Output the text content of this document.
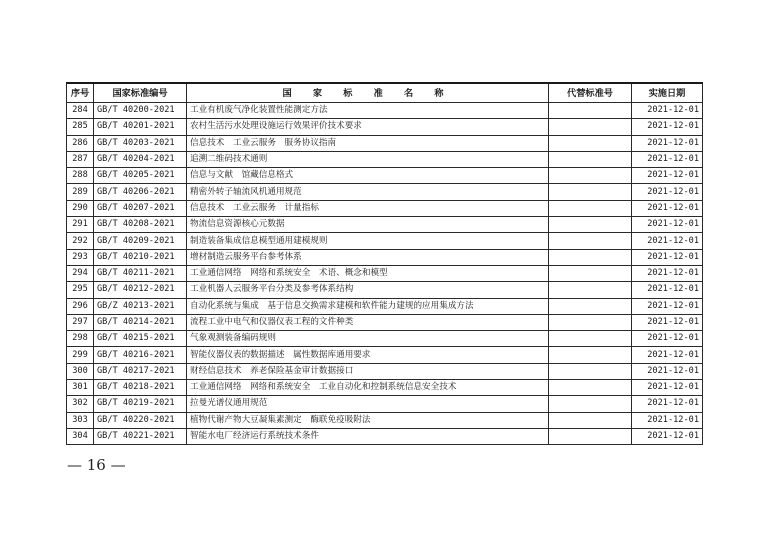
序号	国家标准编号	国 家 标 准 名 称	代替标准号	实施日期
284	GB/T 40200-2021	工业有机废气净化装置性能测定方法		2021-12-01
285	GB/T 40201-2021	农村生活污水处理设施运行效果评价技术要求		2021-12-01
286	GB/T 40203-2021	信息技术　工业云服务　服务协议指南		2021-12-01
287	GB/T 40204-2021	追溯二维码技术通则		2021-12-01
288	GB/T 40205-2021	信息与文献　馆藏信息格式		2021-12-01
289	GB/T 40206-2021	精密外转子轴流风机通用规范		2021-12-01
290	GB/T 40207-2021	信息技术　工业云服务　计量指标		2021-12-01
291	GB/T 40208-2021	物流信息资源核心元数据		2021-12-01
292	GB/T 40209-2021	制造装备集成信息模型通用建模规则		2021-12-01
293	GB/T 40210-2021	增材制造云服务平台参考体系		2021-12-01
294	GB/T 40211-2021	工业通信网络　网络和系统安全　术语、概念和模型		2021-12-01
295	GB/T 40212-2021	工业机器人云服务平台分类及参考体系结构		2021-12-01
296	GB/Z 40213-2021	自动化系统与集成　基于信息交换需求建模和软件能力建规的应用集成方法		2021-12-01
297	GB/T 40214-2021	流程工业中电气和仪器仪表工程的文件种类		2021-12-01
298	GB/T 40215-2021	气象观测装备编码规则		2021-12-01
299	GB/T 40216-2021	智能仪器仪表的数据描述　属性数据库通用要求		2021-12-01
300	GB/T 40217-2021	财经信息技术　养老保险基金审计数据接口		2021-12-01
301	GB/T 40218-2021	工业通信网络　网络和系统安全　工业自动化和控制系统信息安全技术		2021-12-01
302	GB/T 40219-2021	拉曼光谱仪通用规范		2021-12-01
303	GB/T 40220-2021	植物代谢产物大豆凝集素测定　酶联免疫吸附法		2021-12-01
304	GB/T 40221-2021	智能水电厂经济运行系统技术条件		2021-12-01
— 16 —
